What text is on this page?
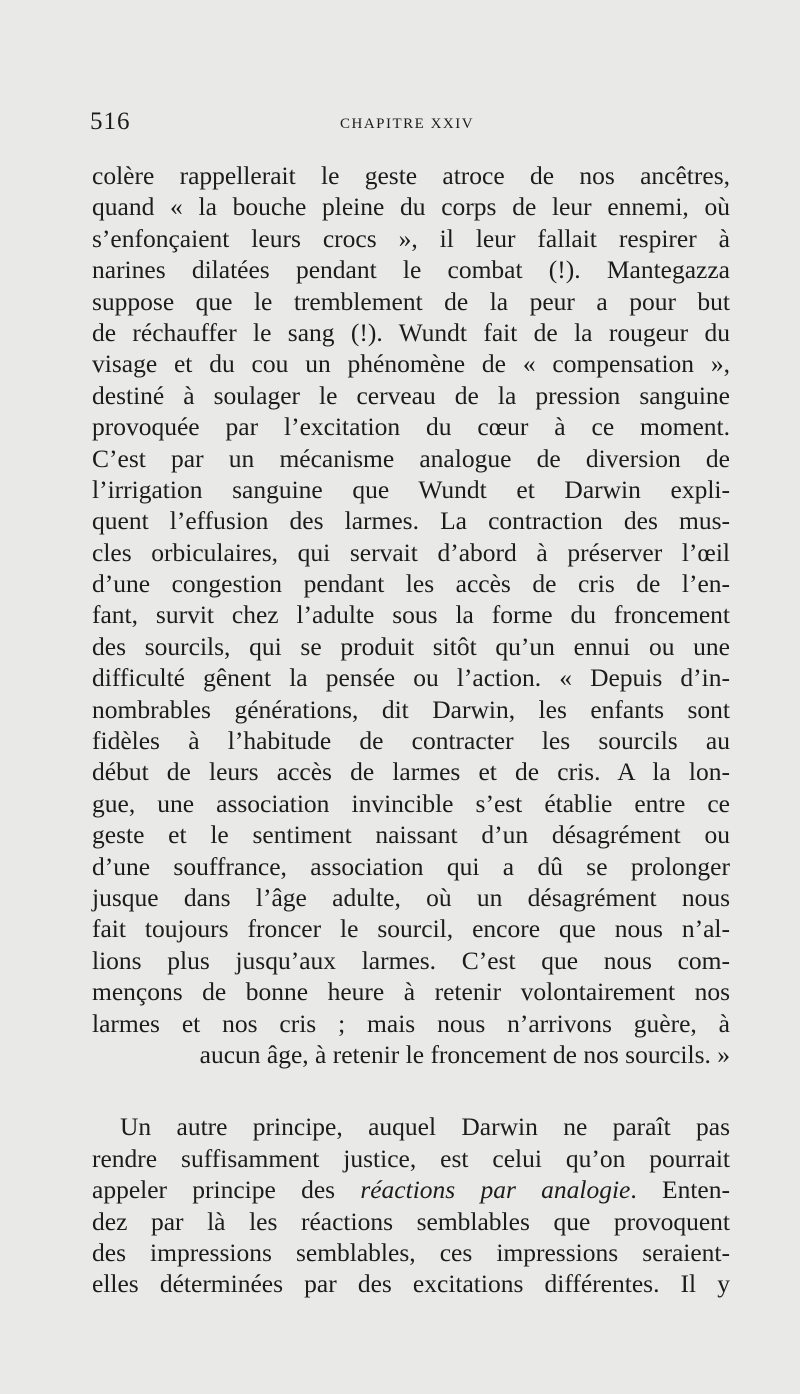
516	CHAPITRE XXIV
colère rappellerait le geste atroce de nos ancêtres,
quand « la bouche pleine du corps de leur ennemi, où
s’enfonçaient leurs crocs », il leur fallait respirer à
narines dilatées pendant le combat (!). Mantegazza
suppose que le tremblement de la peur a pour but
de réchauffer le sang (!). Wundt fait de la rougeur du
visage et du cou un phénomène de « compensation »,
destiné à soulager le cerveau de la pression sanguine
provoquée par l’excitation du cœur à ce moment.
C’est par un mécanisme analogue de diversion de
l’irrigation sanguine que Wundt et Darwin expli-
quent l’effusion des larmes. La contraction des mus-
cles orbiculaires, qui servait d’abord à préserver l’œil
d’une congestion pendant les accès de cris de l’en-
fant, survit chez l’adulte sous la forme du froncement
des sourcils, qui se produit sitôt qu’un ennui ou une
difficulté gênent la pensée ou l’action. « Depuis d’in-
nombrables générations, dit Darwin, les enfants sont
fidèles à l’habitude de contracter les sourcils au
début de leurs accès de larmes et de cris. A la lon-
gue, une association invincible s’est établie entre ce
geste et le sentiment naissant d’un désagrément ou
d’une souffrance, association qui a dû se prolonger
jusque dans l’âge adulte, où un désagrément nous
fait toujours froncer le sourcil, encore que nous n’al-
lions plus jusqu’aux larmes. C’est que nous com-
mençons de bonne heure à retenir volontairement nos
larmes et nos cris ; mais nous n’arrivons guère, à
aucun âge, à retenir le froncement de nos sourcils. »
Un autre principe, auquel Darwin ne paraît pas
rendre suffisamment justice, est celui qu’on pourrait
appeler principe des réactions par analogie. Enten-
dez par là les réactions semblables que provoquent
des impressions semblables, ces impressions seraient-
elles déterminées par des excitations différentes. Il y
